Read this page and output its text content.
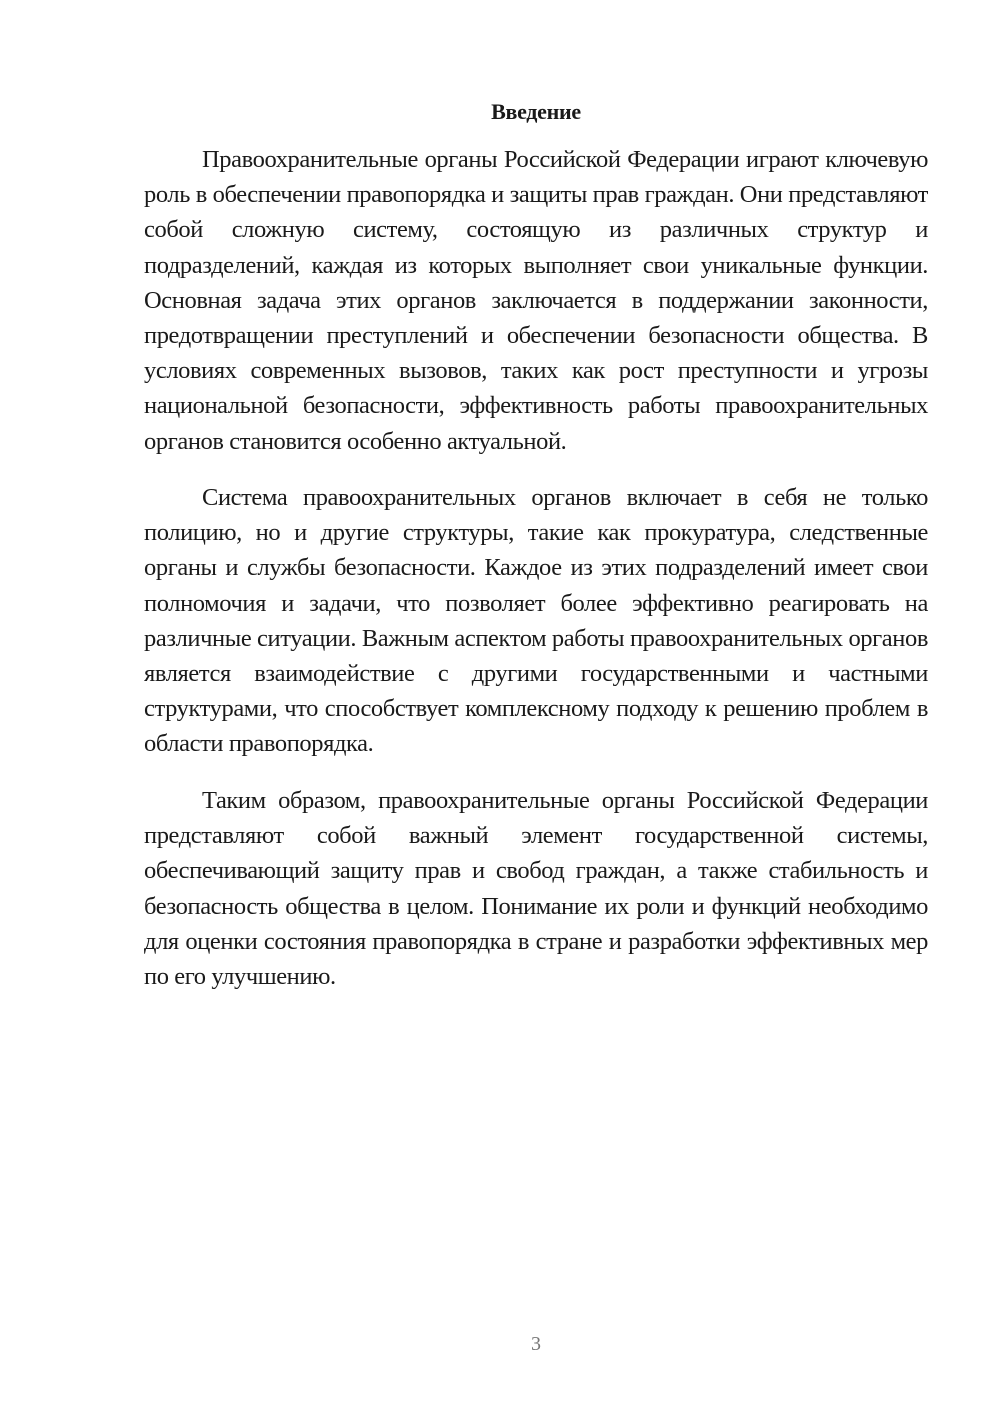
Введение

Правоохранительные органы Российской Федерации играют ключевую роль в обеспечении правопорядка и защиты прав граждан. Они представляют собой сложную систему, состоящую из различных структур и подразделений, каждая из которых выполняет свои уникальные функции. Основная задача этих органов заключается в поддержании законности, предотвращении преступлений и обеспечении безопасности общества. В условиях современных вызовов, таких как рост преступности и угрозы национальной безопасности, эффективность работы правоохранительных органов становится особенно актуальной.

Система правоохранительных органов включает в себя не только полицию, но и другие структуры, такие как прокуратура, следственные органы и службы безопасности. Каждое из этих подразделений имеет свои полномочия и задачи, что позволяет более эффективно реагировать на различные ситуации. Важным аспектом работы правоохранительных органов является взаимодействие с другими государственными и частными структурами, что способствует комплексному подходу к решению проблем в области правопорядка.

Таким образом, правоохранительные органы Российской Федерации представляют собой важный элемент государственной системы, обеспечивающий защиту прав и свобод граждан, а также стабильность и безопасность общества в целом. Понимание их роли и функций необходимо для оценки состояния правопорядка в стране и разработки эффективных мер по его улучшению.

3
